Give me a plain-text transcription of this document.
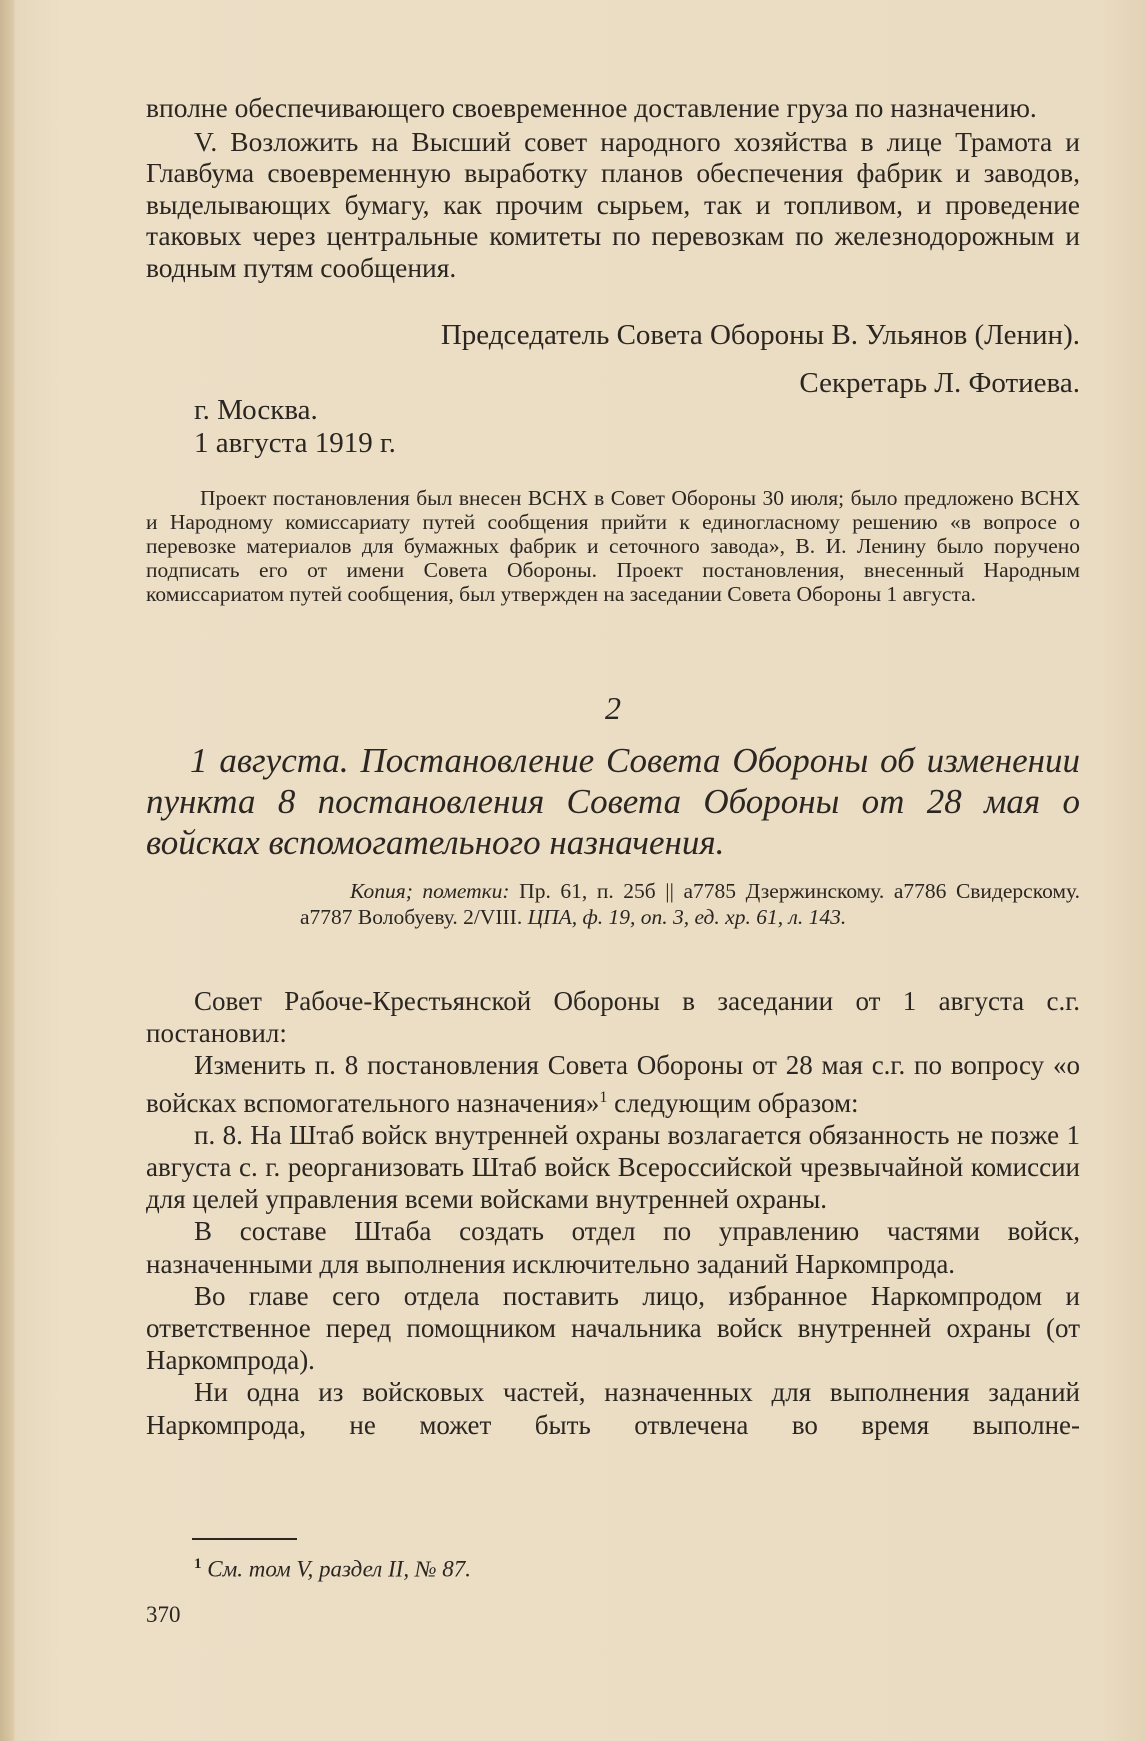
вполне обеспечивающего своевременное доставление груза по назначению.

V. Возложить на Высший совет народного хозяйства в лице Трамота и Главбума своевременную выработку планов обеспечения фабрик и заводов, выделывающих бумагу, как прочим сырьем, так и топливом, и проведение таковых через центральные комитеты по перевозкам по железнодорожным и водным путям сообщения.

Председатель Совета Обороны В. Ульянов (Ленин).
Секретарь Л. Фотиева.
г. Москва.
1 августа 1919 г.

Проект постановления был внесен ВСНХ в Совет Обороны 30 июля; было предложено ВСНХ и Народному комиссариату путей сообщения прийти к единогласному решению «в вопросе о перевозке материалов для бумажных фабрик и сеточного завода», В. И. Ленину было поручено подписать его от имени Совета Обороны. Проект постановления, внесенный Народным комиссариатом путей сообщения, был утвержден на заседании Совета Обороны 1 августа.

2

1 августа. Постановление Совета Обороны об изменении пункта 8 постановления Совета Обороны от 28 мая о войсках вспомогательного назначения.

Копия; пометки: Пр. 61, п. 25б || а7785 Дзержинскому. а7786 Свидерскому. а7787 Волобуеву. 2/VIII. ЦПА, ф. 19, оп. 3, ед. хр. 61, л. 143.

Совет Рабоче-Крестьянской Обороны в заседании от 1 августа с.г. постановил:

Изменить п. 8 постановления Совета Обороны от 28 мая с.г. по вопросу «о войсках вспомогательного назначения»$^1$ следующим образом:

п. 8. На Штаб войск внутренней охраны возлагается обязанность не позже 1 августа с. г. реорганизовать Штаб войск Всероссийской чрезвычайной комиссии для целей управления всеми войсками внутренней охраны.

В составе Штаба создать отдел по управлению частями войск, назначенными для выполнения исключительно заданий Наркомпрода.

Во главе сего отдела поставить лицо, избранное Наркомпродом и ответственное перед помощником начальника войск внутренней охраны (от Наркомпрода).

Ни одна из войсковых частей, назначенных для выполнения заданий Наркомпрода, не может быть отвлечена во время выполне-

$^1$ См. том V, раздел II, № 87.
370
